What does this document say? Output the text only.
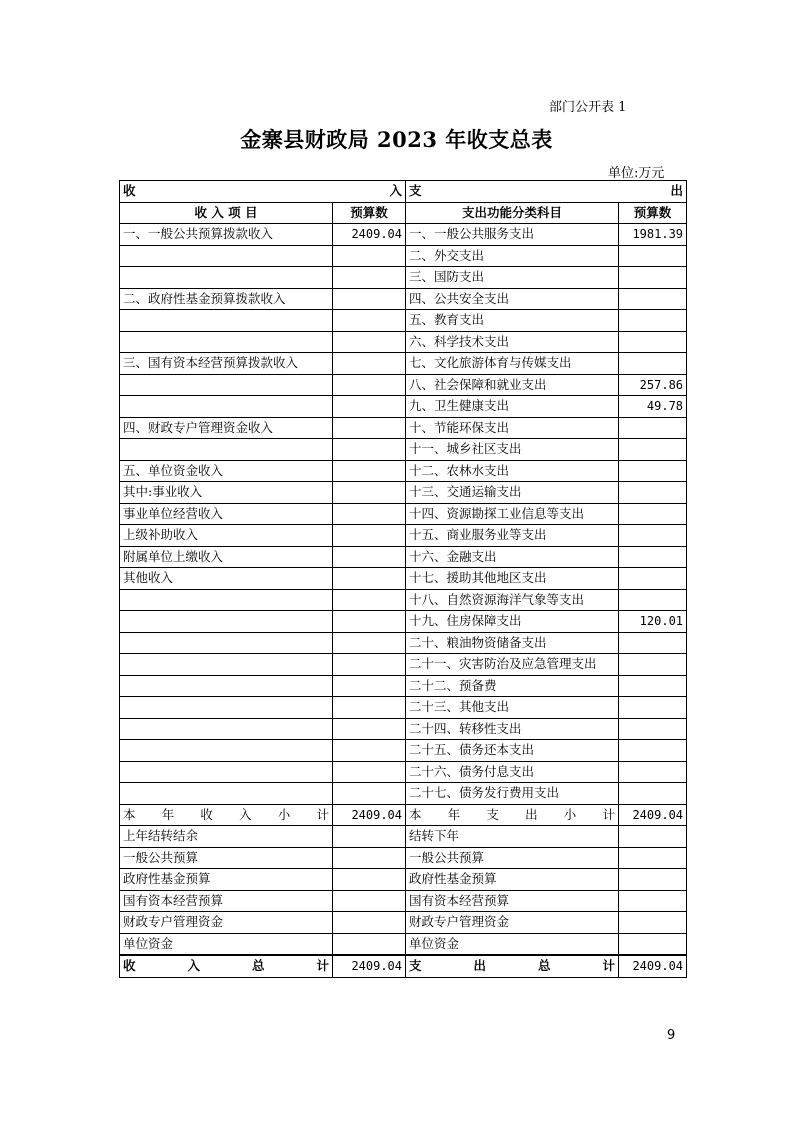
部门公开表 1
金寨县财政局 2023 年收支总表
单位:万元
收 入		支 出	
收 入 项 目	预算数	支出功能分类科目	预算数
一、一般公共预算拨款收入	2409.04	一、一般公共服务支出	1981.39
		二、外交支出	
		三、国防支出	
二、政府性基金预算拨款收入		四、公共安全支出	
		五、教育支出	
		六、科学技术支出	
三、国有资本经营预算拨款收入		七、文化旅游体育与传媒支出	
		八、社会保障和就业支出	257.86
		九、卫生健康支出	49.78
四、财政专户管理资金收入		十、节能环保支出	
		十一、城乡社区支出	
五、单位资金收入		十二、农林水支出	
其中:事业收入		十三、交通运输支出	
事业单位经营收入		十四、资源勘探工业信息等支出	
上级补助收入		十五、商业服务业等支出	
附属单位上缴收入		十六、金融支出	
其他收入		十七、援助其他地区支出	
		十八、自然资源海洋气象等支出	
		十九、住房保障支出	120.01
		二十、粮油物资储备支出	
		二十一、灾害防治及应急管理支出	
		二十二、预备费	
		二十三、其他支出	
		二十四、转移性支出	
		二十五、债务还本支出	
		二十六、债务付息支出	
		二十七、债务发行费用支出	
本年收入小计	2409.04	本年支出小计	2409.04
上年结转结余		结转下年	
一般公共预算		一般公共预算	
政府性基金预算		政府性基金预算	
国有资本经营预算		国有资本经营预算	
财政专户管理资金		财政专户管理资金	
单位资金		单位资金	
收入总计	2409.04	支出总计	2409.04
9
